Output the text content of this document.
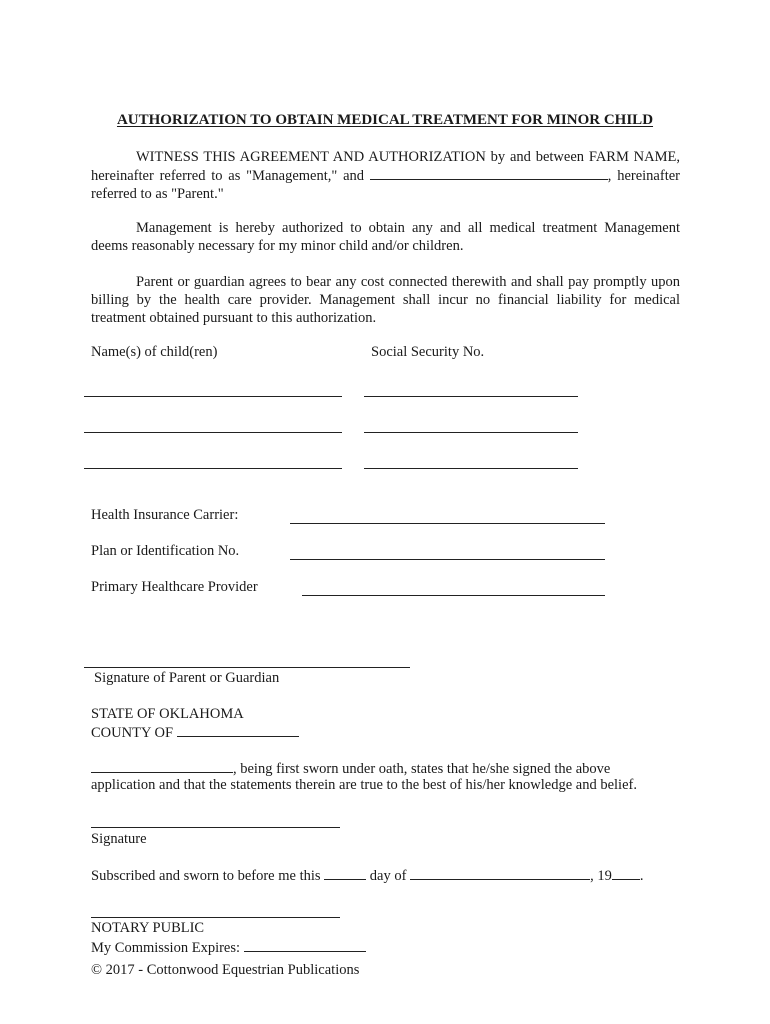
AUTHORIZATION TO OBTAIN MEDICAL TREATMENT FOR MINOR CHILD
WITNESS THIS AGREEMENT AND AUTHORIZATION by and between FARM NAME, hereinafter referred to as "Management," and	, hereinafter referred to as "Parent."
Management is hereby authorized to obtain any and all medical treatment Management deems reasonably necessary for my minor child and/or children.
Parent or guardian agrees to bear any cost connected therewith and shall pay promptly upon billing by the health care provider. Management shall incur no financial liability for medical treatment obtained pursuant to this authorization.
Name(s) of child(ren)	Social Security No.
Health Insurance Carrier:
Plan or Identification No.
Primary Healthcare Provider
Signature of Parent or Guardian
STATE OF OKLAHOMA
COUNTY OF
, being first sworn under oath, states that he/she signed the above
application and that the statements therein are true to the best of his/her knowledge and belief.
Signature
Subscribed and sworn to before me this	day of	, 19 .
NOTARY PUBLIC
My Commission Expires:
© 2017 - Cottonwood Equestrian Publications
